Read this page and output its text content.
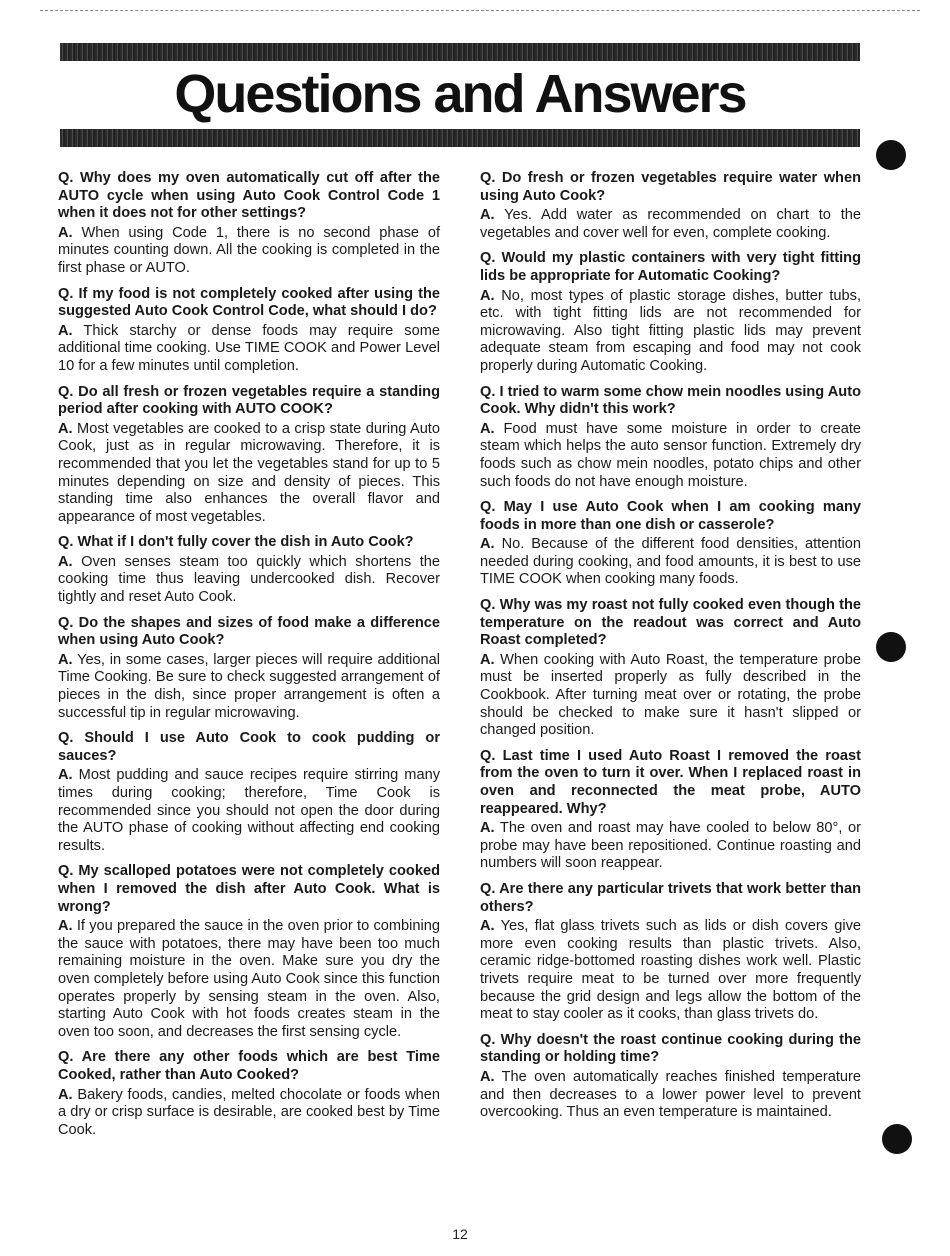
Questions and Answers

Q. Why does my oven automatically cut off after the AUTO cycle when using Auto Cook Control Code 1 when it does not for other settings?

A. When using Code 1, there is no second phase of minutes counting down. All the cooking is completed in the first phase or AUTO.

Q. If my food is not completely cooked after using the suggested Auto Cook Control Code, what should I do?

A. Thick starchy or dense foods may require some additional time cooking. Use TIME COOK and Power Level 10 for a few minutes until completion.

Q. Do all fresh or frozen vegetables require a standing period after cooking with AUTO COOK?

A. Most vegetables are cooked to a crisp state during Auto Cook, just as in regular microwaving. Therefore, it is recommended that you let the vegetables stand for up to 5 minutes depending on size and density of pieces. This standing time also enhances the overall flavor and appearance of most vegetables.

Q. What if I don't fully cover the dish in Auto Cook?

A. Oven senses steam too quickly which shortens the cooking time thus leaving undercooked dish. Recover tightly and reset Auto Cook.

Q. Do the shapes and sizes of food make a difference when using Auto Cook?

A. Yes, in some cases, larger pieces will require additional Time Cooking. Be sure to check suggested arrangement of pieces in the dish, since proper arrangement is often a successful tip in regular microwaving.

Q. Should I use Auto Cook to cook pudding or sauces?

A. Most pudding and sauce recipes require stirring many times during cooking; therefore, Time Cook is recommended since you should not open the door during the AUTO phase of cooking without affecting end cooking results.

Q. My scalloped potatoes were not completely cooked when I removed the dish after Auto Cook. What is wrong?

A. If you prepared the sauce in the oven prior to combining the sauce with potatoes, there may have been too much remaining moisture in the oven. Make sure you dry the oven completely before using Auto Cook since this function operates properly by sensing steam in the oven. Also, starting Auto Cook with hot foods creates steam in the oven too soon, and decreases the first sensing cycle.

Q. Are there any other foods which are best Time Cooked, rather than Auto Cooked?

A. Bakery foods, candies, melted chocolate or foods when a dry or crisp surface is desirable, are cooked best by Time Cook.

Q. Do fresh or frozen vegetables require water when using Auto Cook?

A. Yes. Add water as recommended on chart to the vegetables and cover well for even, complete cooking.

Q. Would my plastic containers with very tight fitting lids be appropriate for Automatic Cooking?

A. No, most types of plastic storage dishes, butter tubs, etc. with tight fitting lids are not recommended for microwaving. Also tight fitting plastic lids may prevent adequate steam from escaping and food may not cook properly during Automatic Cooking.

Q. I tried to warm some chow mein noodles using Auto Cook. Why didn't this work?

A. Food must have some moisture in order to create steam which helps the auto sensor function. Extremely dry foods such as chow mein noodles, potato chips and other such foods do not have enough moisture.

Q. May I use Auto Cook when I am cooking many foods in more than one dish or casserole?

A. No. Because of the different food densities, attention needed during cooking, and food amounts, it is best to use TIME COOK when cooking many foods.

Q. Why was my roast not fully cooked even though the temperature on the readout was correct and Auto Roast completed?

A. When cooking with Auto Roast, the temperature probe must be inserted properly as fully described in the Cookbook. After turning meat over or rotating, the probe should be checked to make sure it hasn't slipped or changed position.

Q. Last time I used Auto Roast I removed the roast from the oven to turn it over. When I replaced roast in oven and reconnected the meat probe, AUTO reappeared. Why?

A. The oven and roast may have cooled to below 80°, or probe may have been repositioned. Continue roasting and numbers will soon reappear.

Q. Are there any particular trivets that work better than others?

A. Yes, flat glass trivets such as lids or dish covers give more even cooking results than plastic trivets. Also, ceramic ridge-bottomed roasting dishes work well. Plastic trivets require meat to be turned over more frequently because the grid design and legs allow the bottom of the meat to stay cooler as it cooks, than glass trivets do.

Q. Why doesn't the roast continue cooking during the standing or holding time?

A. The oven automatically reaches finished temperature and then decreases to a lower power level to prevent overcooking. Thus an even temperature is maintained.

12
